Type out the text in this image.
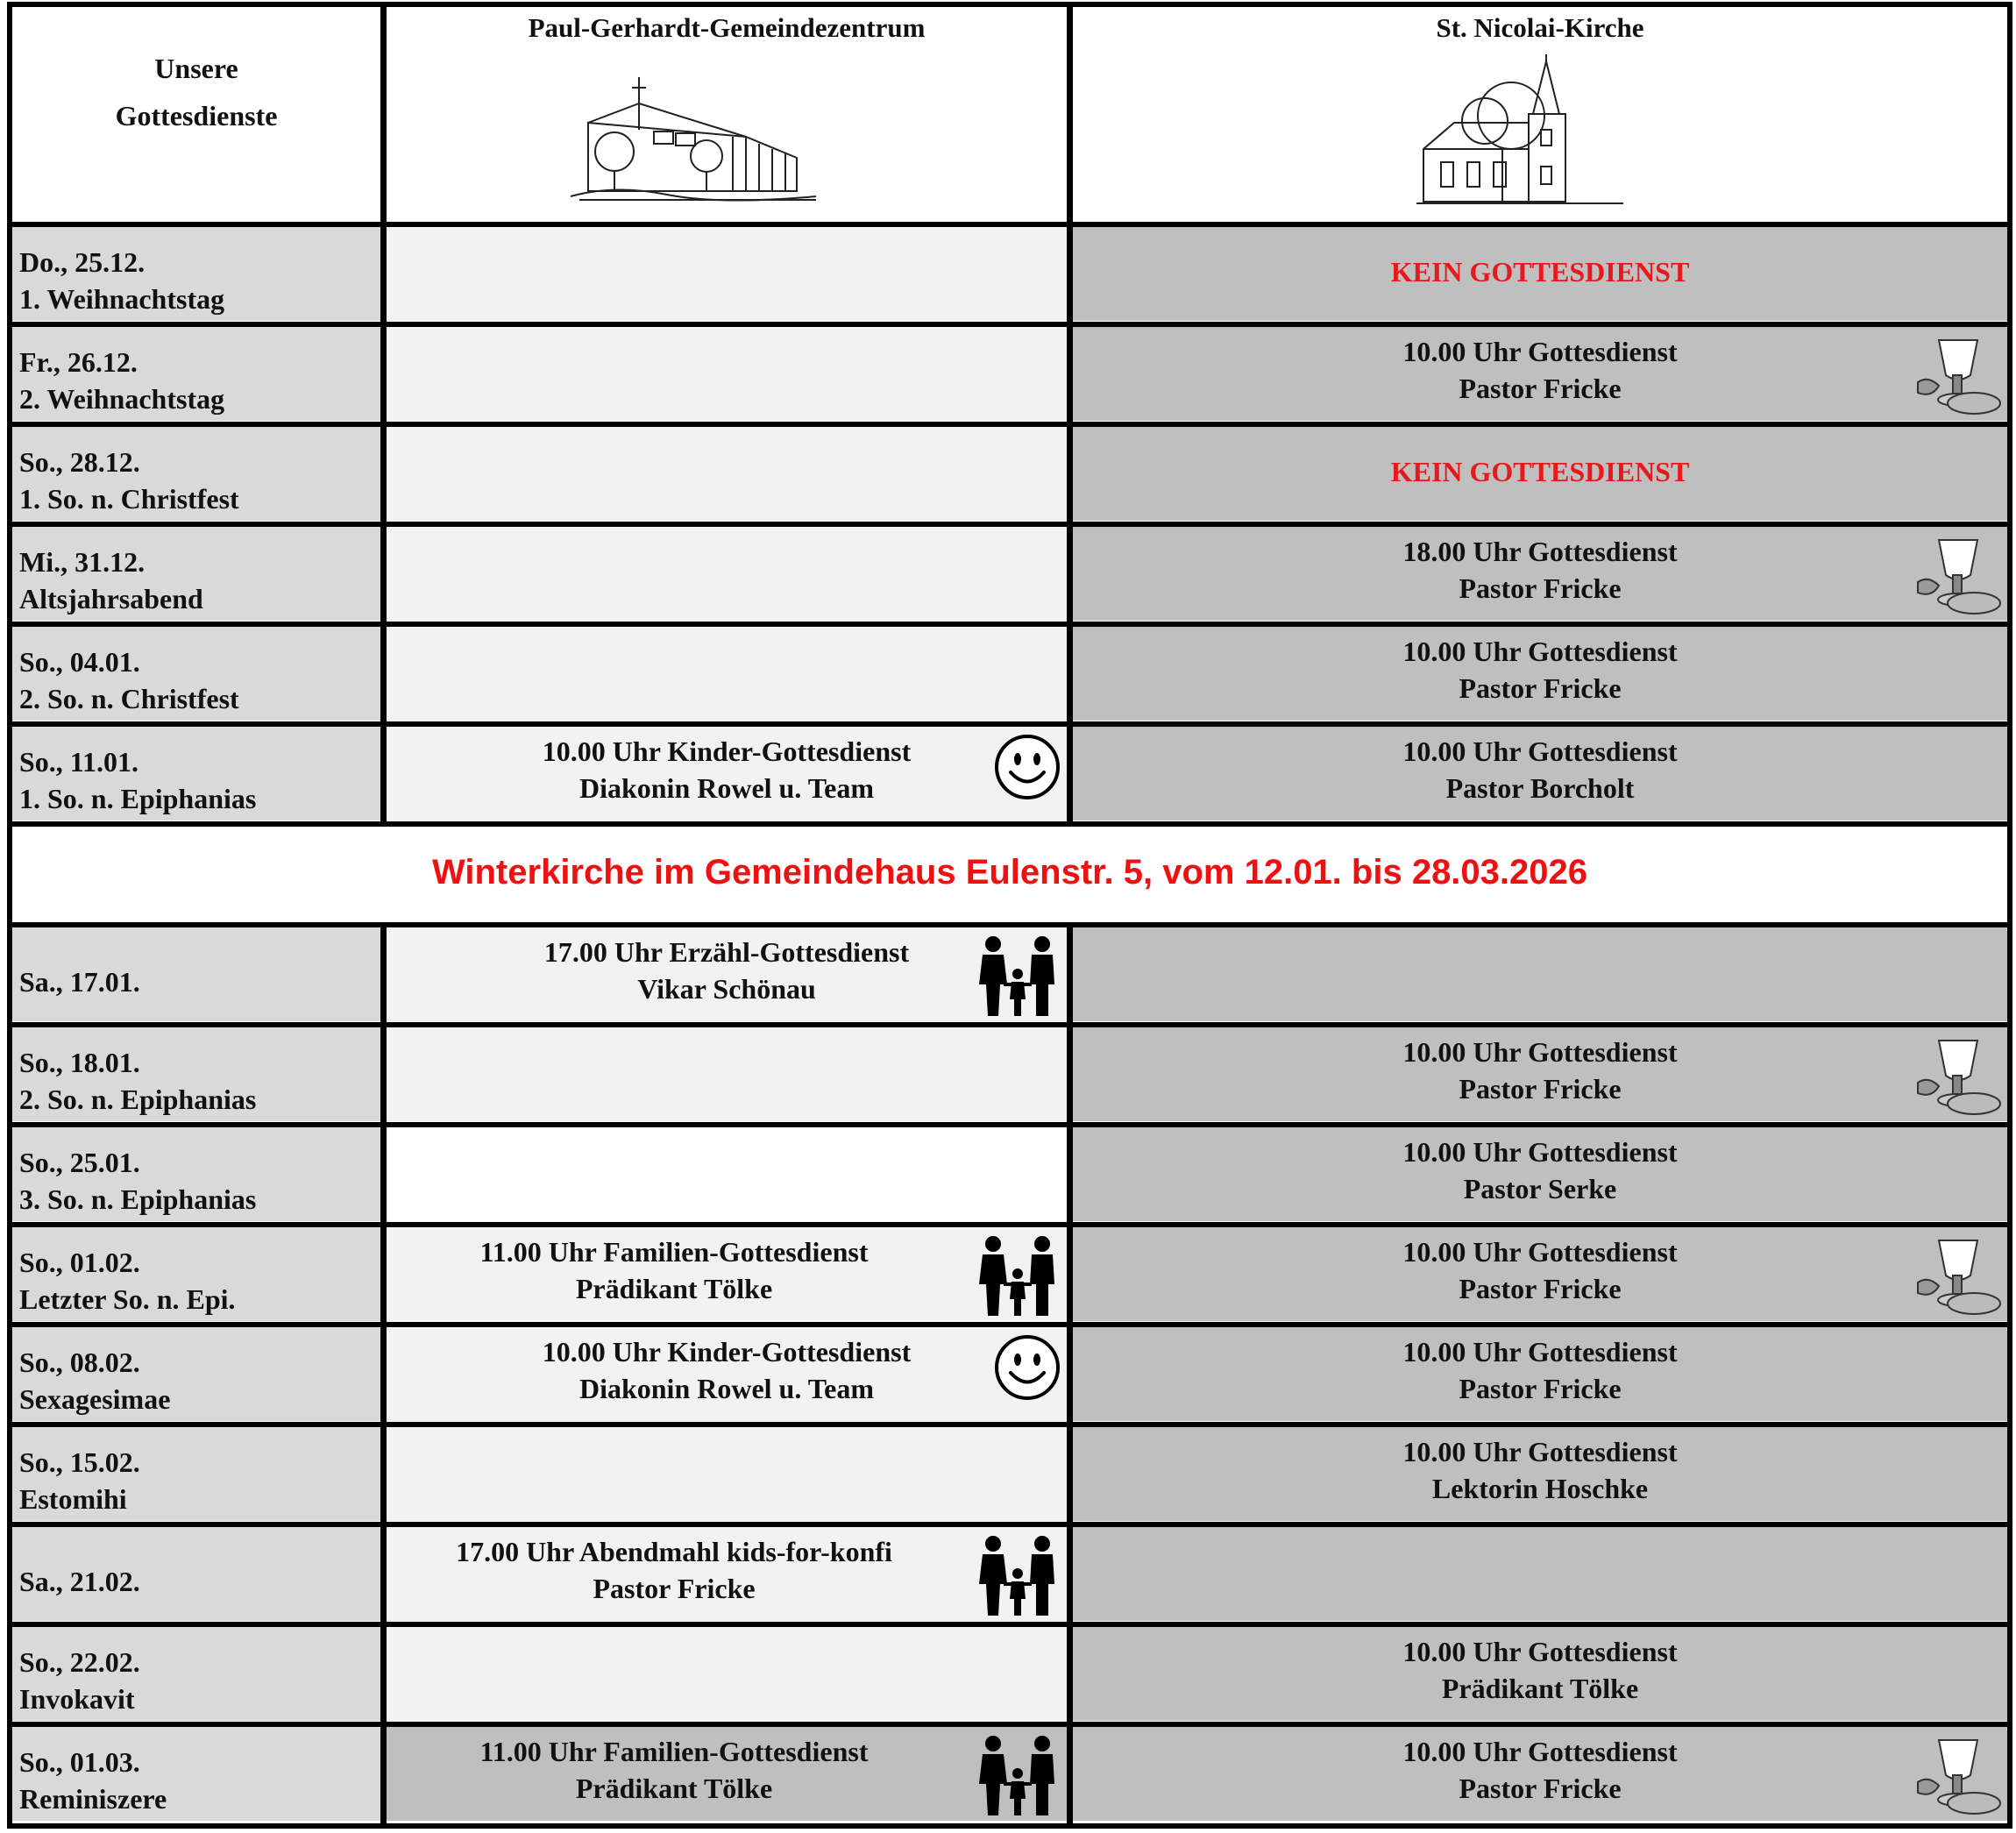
Unsere
Gottesdienste
Paul-Gerhardt-Gemeindezentrum	St. Nicolai-Kirche
Do., 25.12.
1. Weihnachtstag
KEIN GOTTESDIENST
Fr., 26.12.
2. Weihnachtstag
10.00 Uhr Gottesdienst
Pastor Fricke
So., 28.12.
1. So. n. Christfest
KEIN GOTTESDIENST
Mi., 31.12.
Altsjahrsabend
18.00 Uhr Gottesdienst
Pastor Fricke
So., 04.01.
2. So. n. Christfest
10.00 Uhr Gottesdienst
Pastor Fricke
So., 11.01.
1. So. n. Epiphanias
10.00 Uhr Kinder-Gottesdienst
Diakonin Rowel u. Team
10.00 Uhr Gottesdienst
Pastor Borcholt
Sa., 17.01.
17.00 Uhr Erzähl-Gottesdienst
Vikar Schönau
So., 18.01.
2. So. n. Epiphanias
10.00 Uhr Gottesdienst
Pastor Fricke
So., 25.01.
3. So. n. Epiphanias
10.00 Uhr Gottesdienst
Pastor Serke
So., 01.02.
Letzter So. n. Epi.
11.00 Uhr Familien-Gottesdienst
Prädikant Tölke
10.00 Uhr Gottesdienst
Pastor Fricke
So., 08.02.
Sexagesimae
10.00 Uhr Kinder-Gottesdienst
Diakonin Rowel u. Team
10.00 Uhr Gottesdienst
Pastor Fricke
So., 15.02.
Estomihi
10.00 Uhr Gottesdienst
Lektorin Hoschke
Sa., 21.02.
17.00 Uhr Abendmahl kids-for-konfi
Pastor Fricke
So., 22.02.
Invokavit
10.00 Uhr Gottesdienst
Prädikant Tölke
So., 01.03.
Reminiszere
11.00 Uhr Familien-Gottesdienst
Prädikant Tölke
10.00 Uhr Gottesdienst
Pastor Fricke
Winterkirche im Gemeindehaus Eulenstr. 5, vom 12.01. bis 28.03.2026
